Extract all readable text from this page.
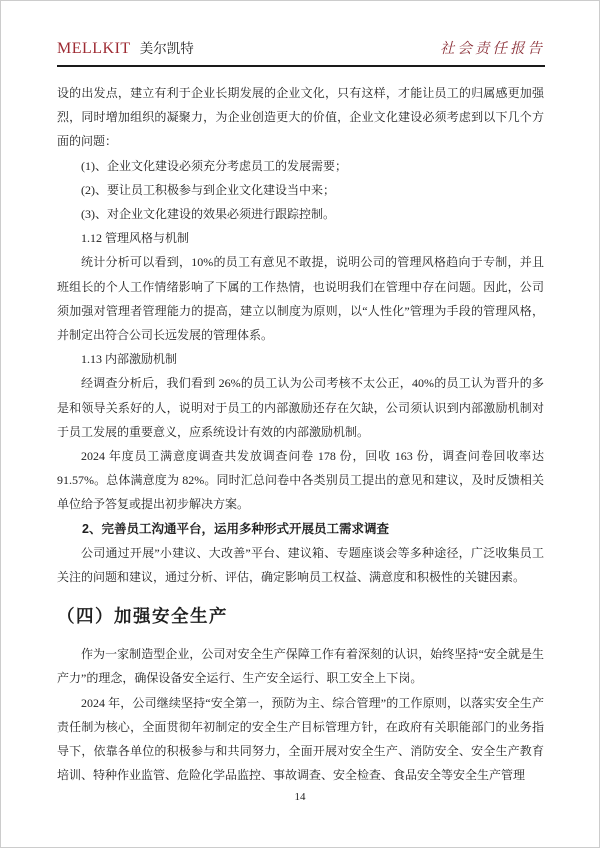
MELLKIT 美尔凯特	社会责任报告

设的出发点，建立有利于企业长期发展的企业文化，只有这样，才能让员工的归属感更加强烈，同时增加组织的凝聚力，为企业创造更大的价值，企业文化建设必须考虑到以下几个方面的问题：

(1)、企业文化建设必须充分考虑员工的发展需要；

(2)、要让员工积极参与到企业文化建设当中来；

(3)、对企业文化建设的效果必须进行跟踪控制。

1.12 管理风格与机制

统计分析可以看到，10%的员工有意见不敢提，说明公司的管理风格趋向于专制，并且班组长的个人工作情绪影响了下属的工作热情，也说明我们在管理中存在问题。因此，公司须加强对管理者管理能力的提高，建立以制度为原则，以“人性化”管理为手段的管理风格，并制定出符合公司长远发展的管理体系。

1.13 内部激励机制

经调查分析后，我们看到 26%的员工认为公司考核不太公正，40%的员工认为晋升的多是和领导关系好的人，说明对于员工的内部激励还存在欠缺，公司须认识到内部激励机制对于员工发展的重要意义，应系统设计有效的内部激励机制。

2024 年度员工满意度调查共发放调查问卷 178 份，回收 163 份，调查问卷回收率达 91.57%。总体满意度为 82%。同时汇总问卷中各类别员工提出的意见和建议，及时反馈相关单位给予答复或提出初步解决方案。

2、完善员工沟通平台，运用多种形式开展员工需求调查

公司通过开展”小建议、大改善”平台、建议箱、专题座谈会等多种途径，广泛收集员工关注的问题和建议，通过分析、评估，确定影响员工权益、满意度和积极性的关键因素。

（四）加强安全生产

作为一家制造型企业，公司对安全生产保障工作有着深刻的认识，始终坚持“安全就是生产力”的理念，确保设备安全运行、生产安全运行、职工安全上下岗。

2024 年，公司继续坚持“安全第一，预防为主、综合管理”的工作原则，以落实安全生产责任制为核心，全面贯彻年初制定的安全生产目标管理方针，在政府有关职能部门的业务指导下，依靠各单位的积极参与和共同努力，全面开展对安全生产、消防安全、安全生产教育培训、特种作业监管、危险化学品监控、事故调查、安全检查、食品安全等安全生产管理

14
